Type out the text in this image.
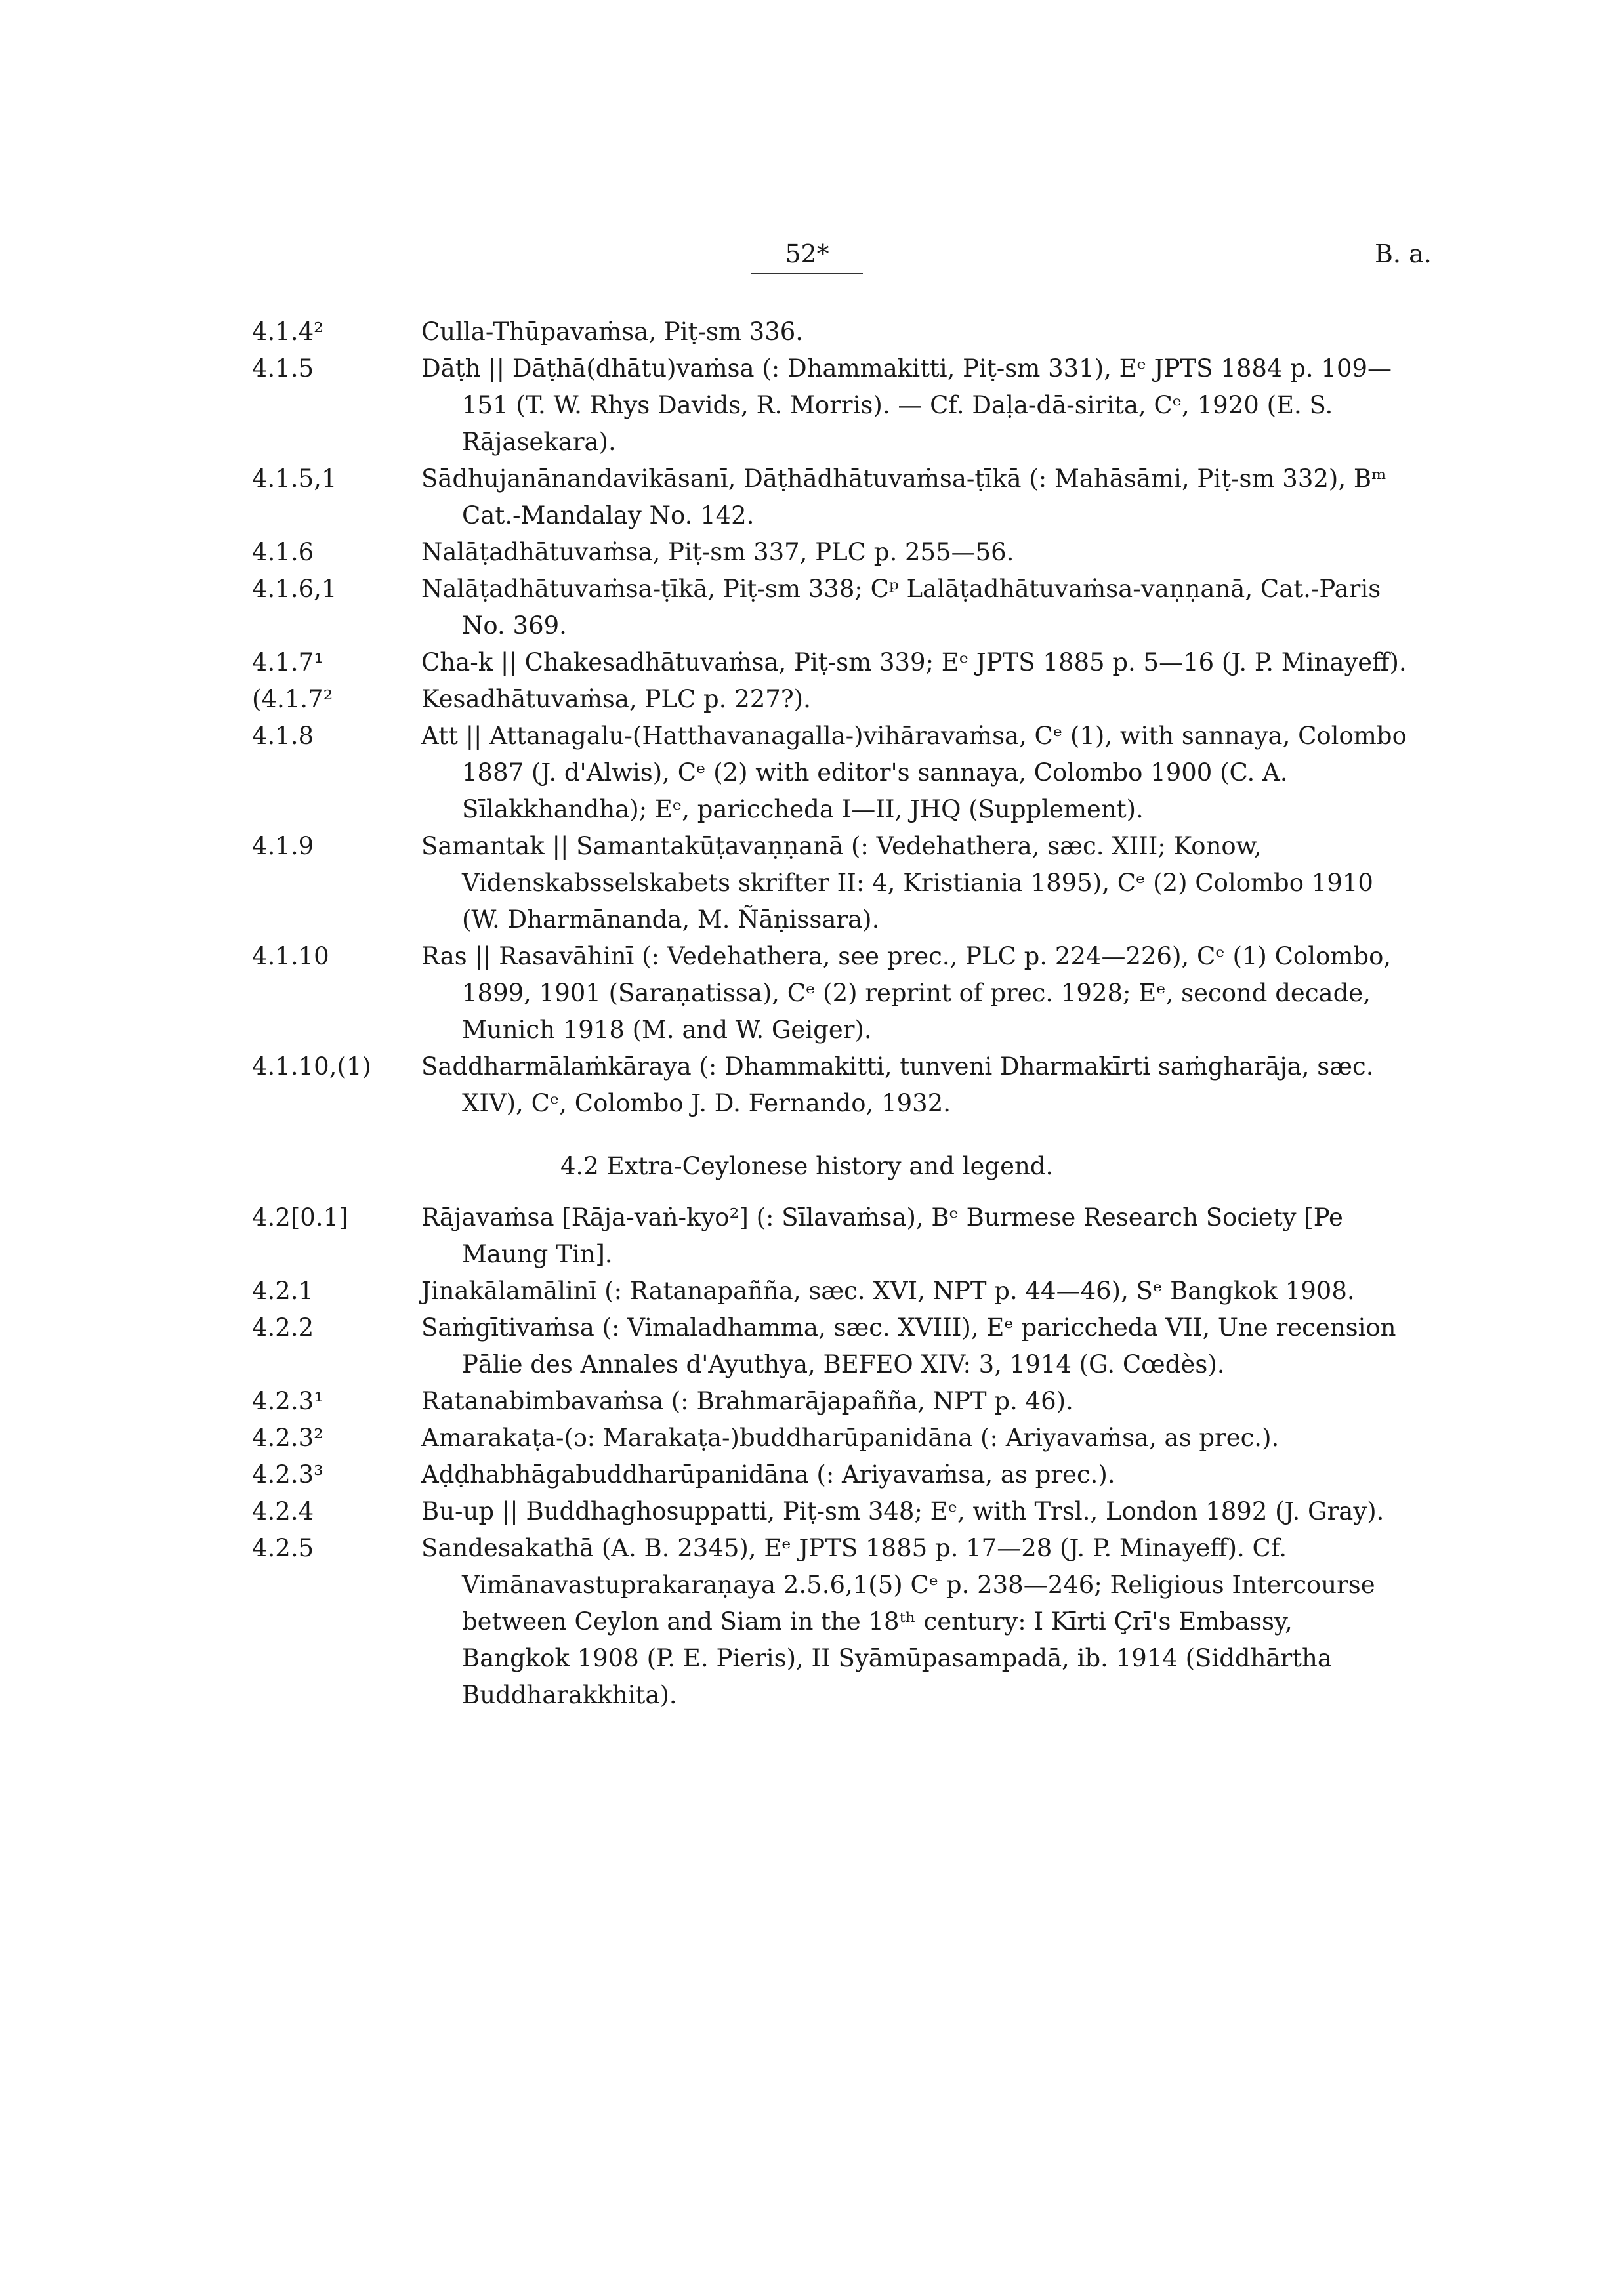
52*	B. a.
4.1.4²	Culla-Thūpavaṁsa, Piṭ-sm 336.
4.1.5	Dāṭh || Dāṭhā(dhātu)vaṁsa (: Dhammakitti, Piṭ-sm 331), Eᵉ JPTS 1884 p. 109—151 (T. W. Rhys Davids, R. Morris). — Cf. Daḷa-dā-sirita, Cᵉ, 1920 (E. S. Rājasekara).
4.1.5,1	Sādhujanānandavikāsanī, Dāṭhādhātuvaṁsa-ṭīkā (: Mahāsāmi, Piṭ-sm 332), Bᵐ Cat.-Mandalay No. 142.
4.1.6	Nalāṭadhātuvaṁsa, Piṭ-sm 337, PLC p. 255—56.
4.1.6,1	Nalāṭadhātuvaṁsa-ṭīkā, Piṭ-sm 338; Cᵖ Lalāṭadhātuvaṁsa-vaṇṇanā, Cat.-Paris No. 369.
4.1.7¹	Cha-k || Chakesadhātuvaṁsa, Piṭ-sm 339; Eᵉ JPTS 1885 p. 5—16 (J. P. Minayeff).
(4.1.7²	Kesadhātuvaṁsa, PLC p. 227?).
4.1.8	Att || Attanagalu-(Hatthavanagalla-)vihāravaṁsa, Cᵉ (1), with sannaya, Colombo 1887 (J. d'Alwis), Cᵉ (2) with editor's sannaya, Colombo 1900 (C. A. Sīlakkhandha); Eᵉ, pariccheda I—II, JHQ (Supplement).
4.1.9	Samantak || Samantakūṭavaṇṇanā (: Vedehathera, sæc. XIII; Konow, Videnskabsselskabets skrifter II: 4, Kristiania 1895), Cᵉ (2) Colombo 1910 (W. Dharmānanda, M. Ñāṇissara).
4.1.10	Ras || Rasavāhinī (: Vedehathera, see prec., PLC p. 224—226), Cᵉ (1) Colombo, 1899, 1901 (Saraṇatissa), Cᵉ (2) reprint of prec. 1928; Eᵉ, second decade, Munich 1918 (M. and W. Geiger).
4.1.10,(1)	Saddharmālaṁkāraya (: Dhammakitti, tunveni Dharmakīrti saṁgharāja, sæc. XIV), Cᵉ, Colombo J. D. Fernando, 1932.
4.2 Extra-Ceylonese history and legend.
4.2[0.1]	Rājavaṁsa [Rāja-vaṅ-kyo²] (: Sīlavaṁsa), Bᵉ Burmese Research Society [Pe Maung Tin].
4.2.1	Jinakālamālinī (: Ratanapañña, sæc. XVI, NPT p. 44—46), Sᵉ Bangkok 1908.
4.2.2	Saṁgītivaṁsa (: Vimaladhamma, sæc. XVIII), Eᵉ pariccheda VII, Une recension Pālie des Annales d'Ayuthya, BEFEO XIV: 3, 1914 (G. Cœdès).
4.2.3¹	Ratanabimbavaṁsa (: Brahmarājapañña, NPT p. 46).
4.2.3²	Amarakaṭa-(ɔ: Marakaṭa-)buddharūpanidāna (: Ariyavaṁsa, as prec.).
4.2.3³	Aḍḍhabhāgabuddharūpanidāna (: Ariyavaṁsa, as prec.).
4.2.4	Bu-up || Buddhaghosuppatti, Piṭ-sm 348; Eᵉ, with Trsl., London 1892 (J. Gray).
4.2.5	Sandesakathā (A. B. 2345), Eᵉ JPTS 1885 p. 17—28 (J. P. Minayeff). Cf. Vimānavastuprakaraṇaya 2.5.6,1(5) Cᵉ p. 238—246; Religious Intercourse between Ceylon and Siam in the 18ᵗʰ century: I Kīrti Çrī's Embassy, Bangkok 1908 (P. E. Pieris), II Syāmūpasampadā, ib. 1914 (Siddhārtha Buddharakkhita).
